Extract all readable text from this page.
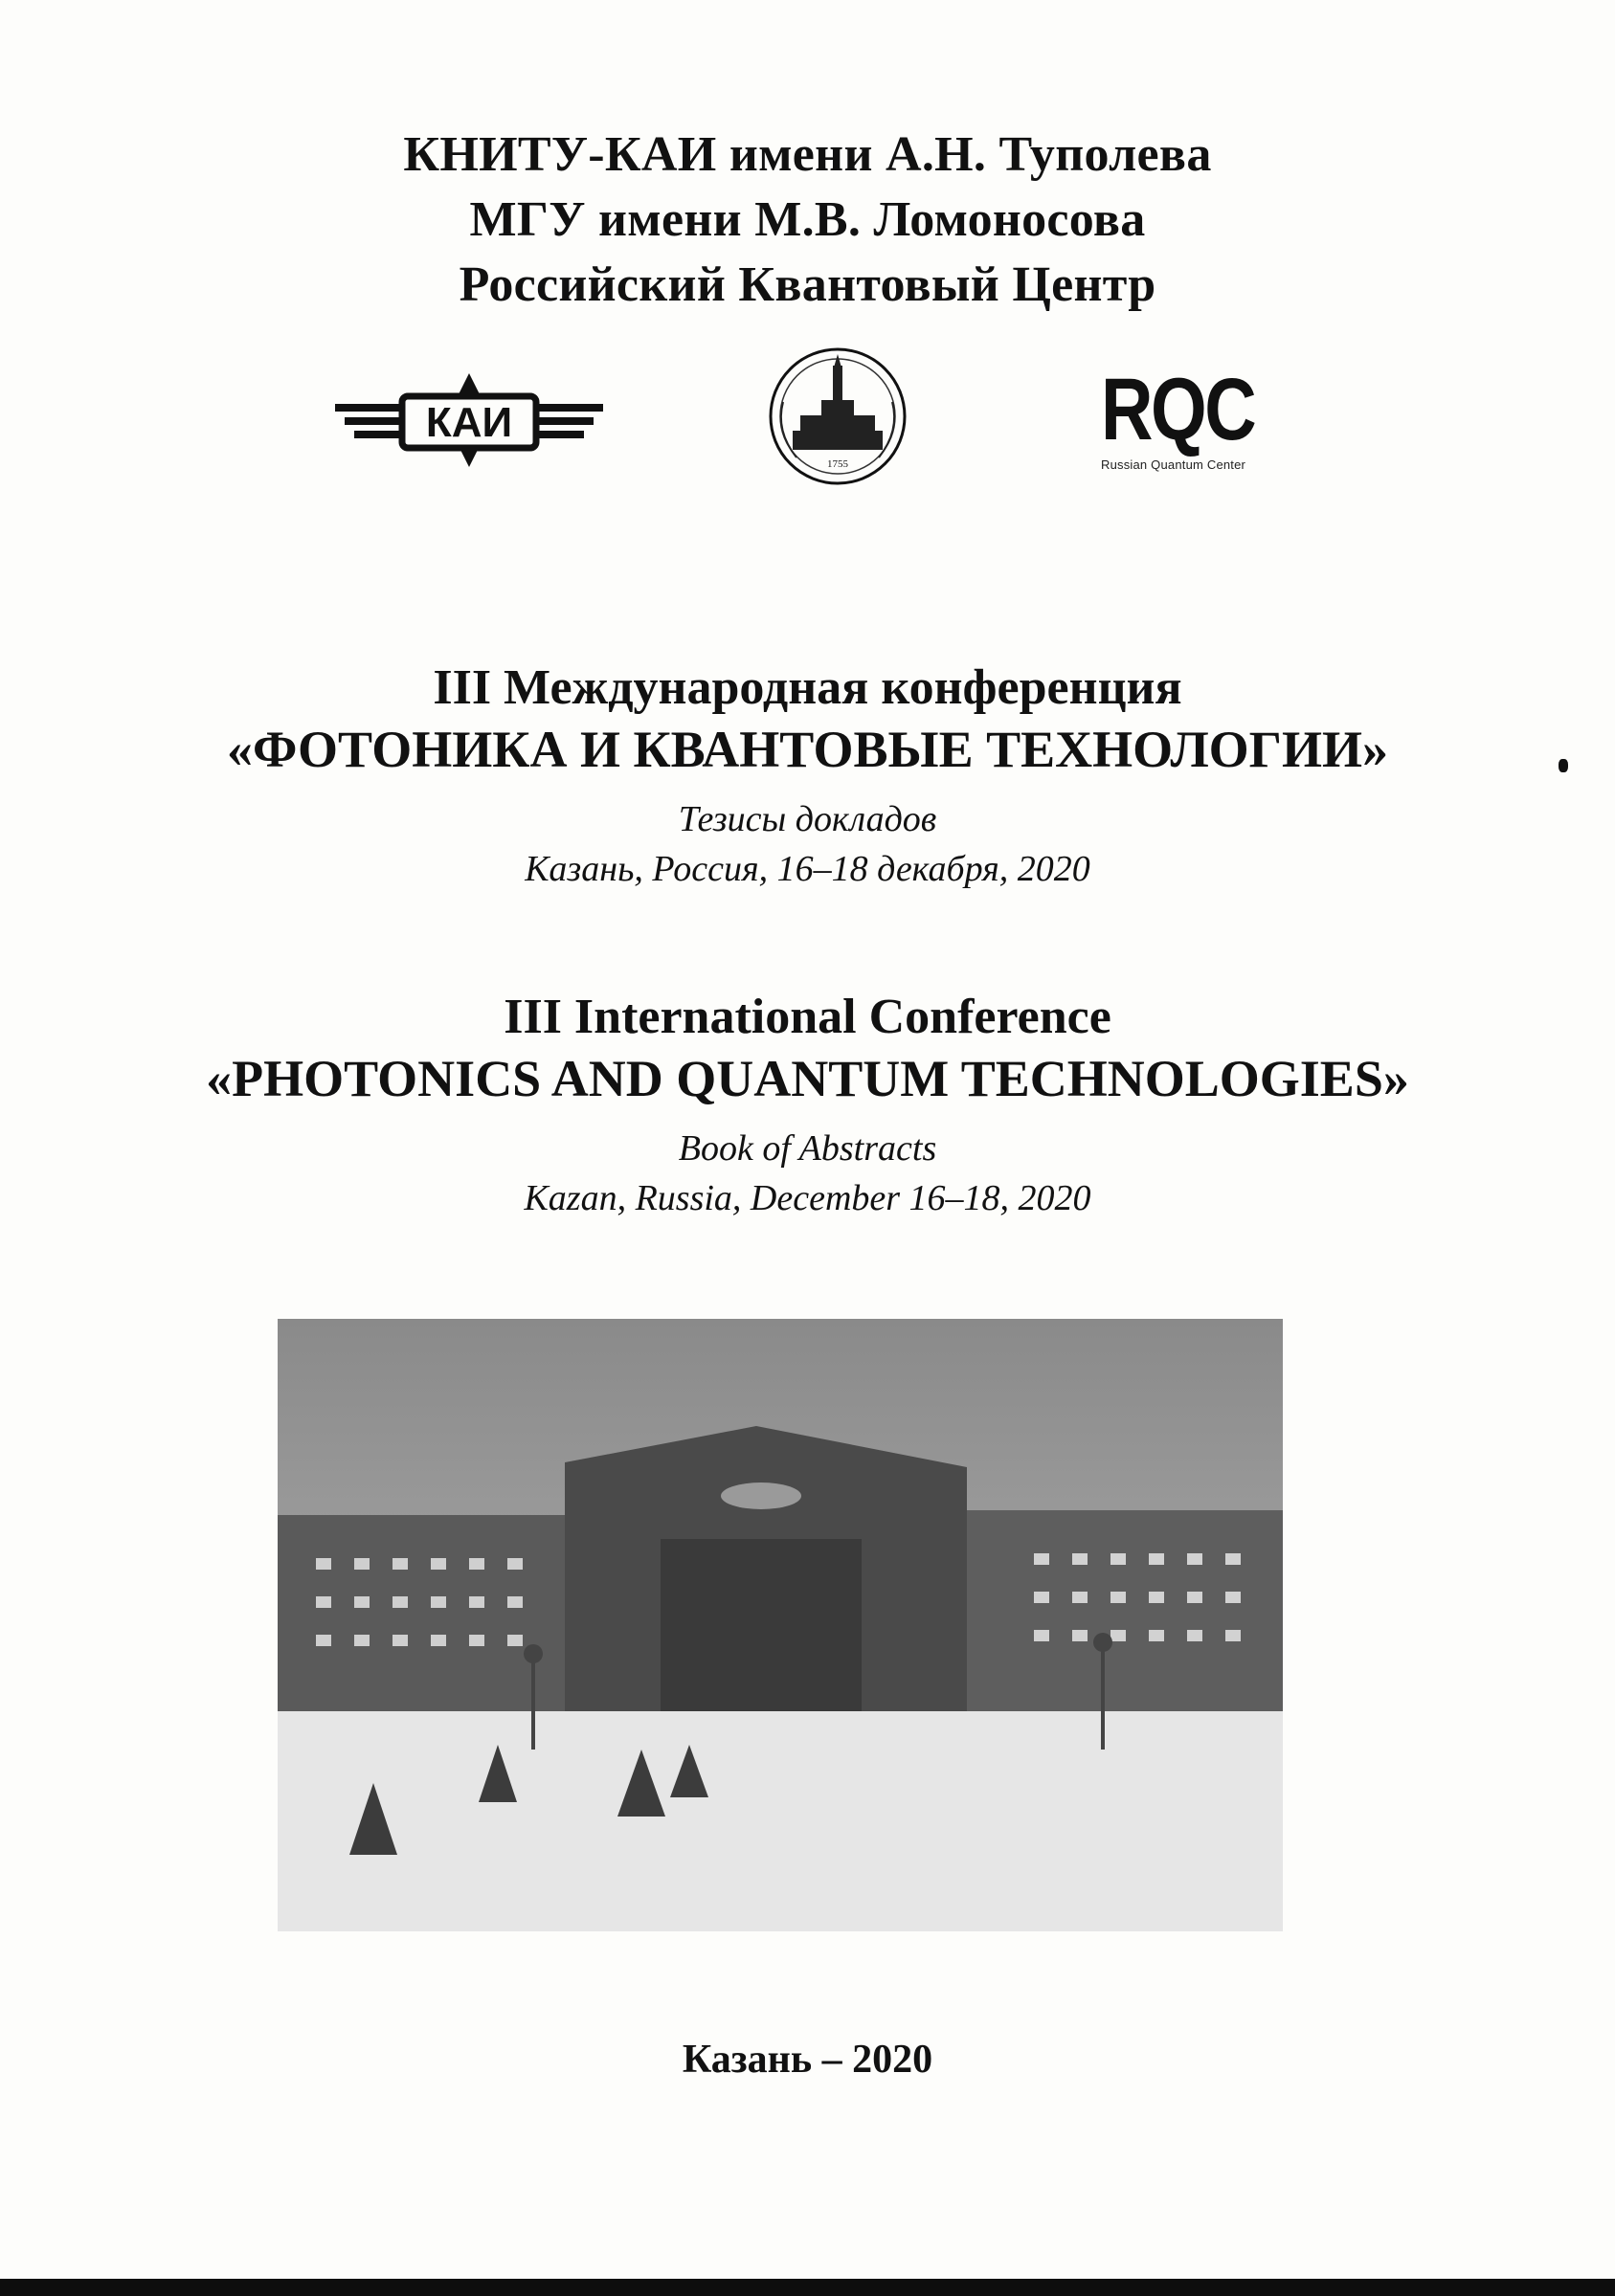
КНИТУ-КАИ имени А.Н. Туполева
МГУ имени М.В. Ломоносова
Российский Квантовый Центр
КАИ
1755
RQC
Russian Quantum Center
III Международная конференция
«ФОТОНИКА И КВАНТОВЫЕ ТЕХНОЛОГИИ»
Тезисы докладов
Казань, Россия, 16–18 декабря, 2020
III International Conference
«PHOTONICS AND QUANTUM TECHNOLOGIES»
Book of Abstracts
Kazan, Russia, December 16–18, 2020
Казань – 2020
